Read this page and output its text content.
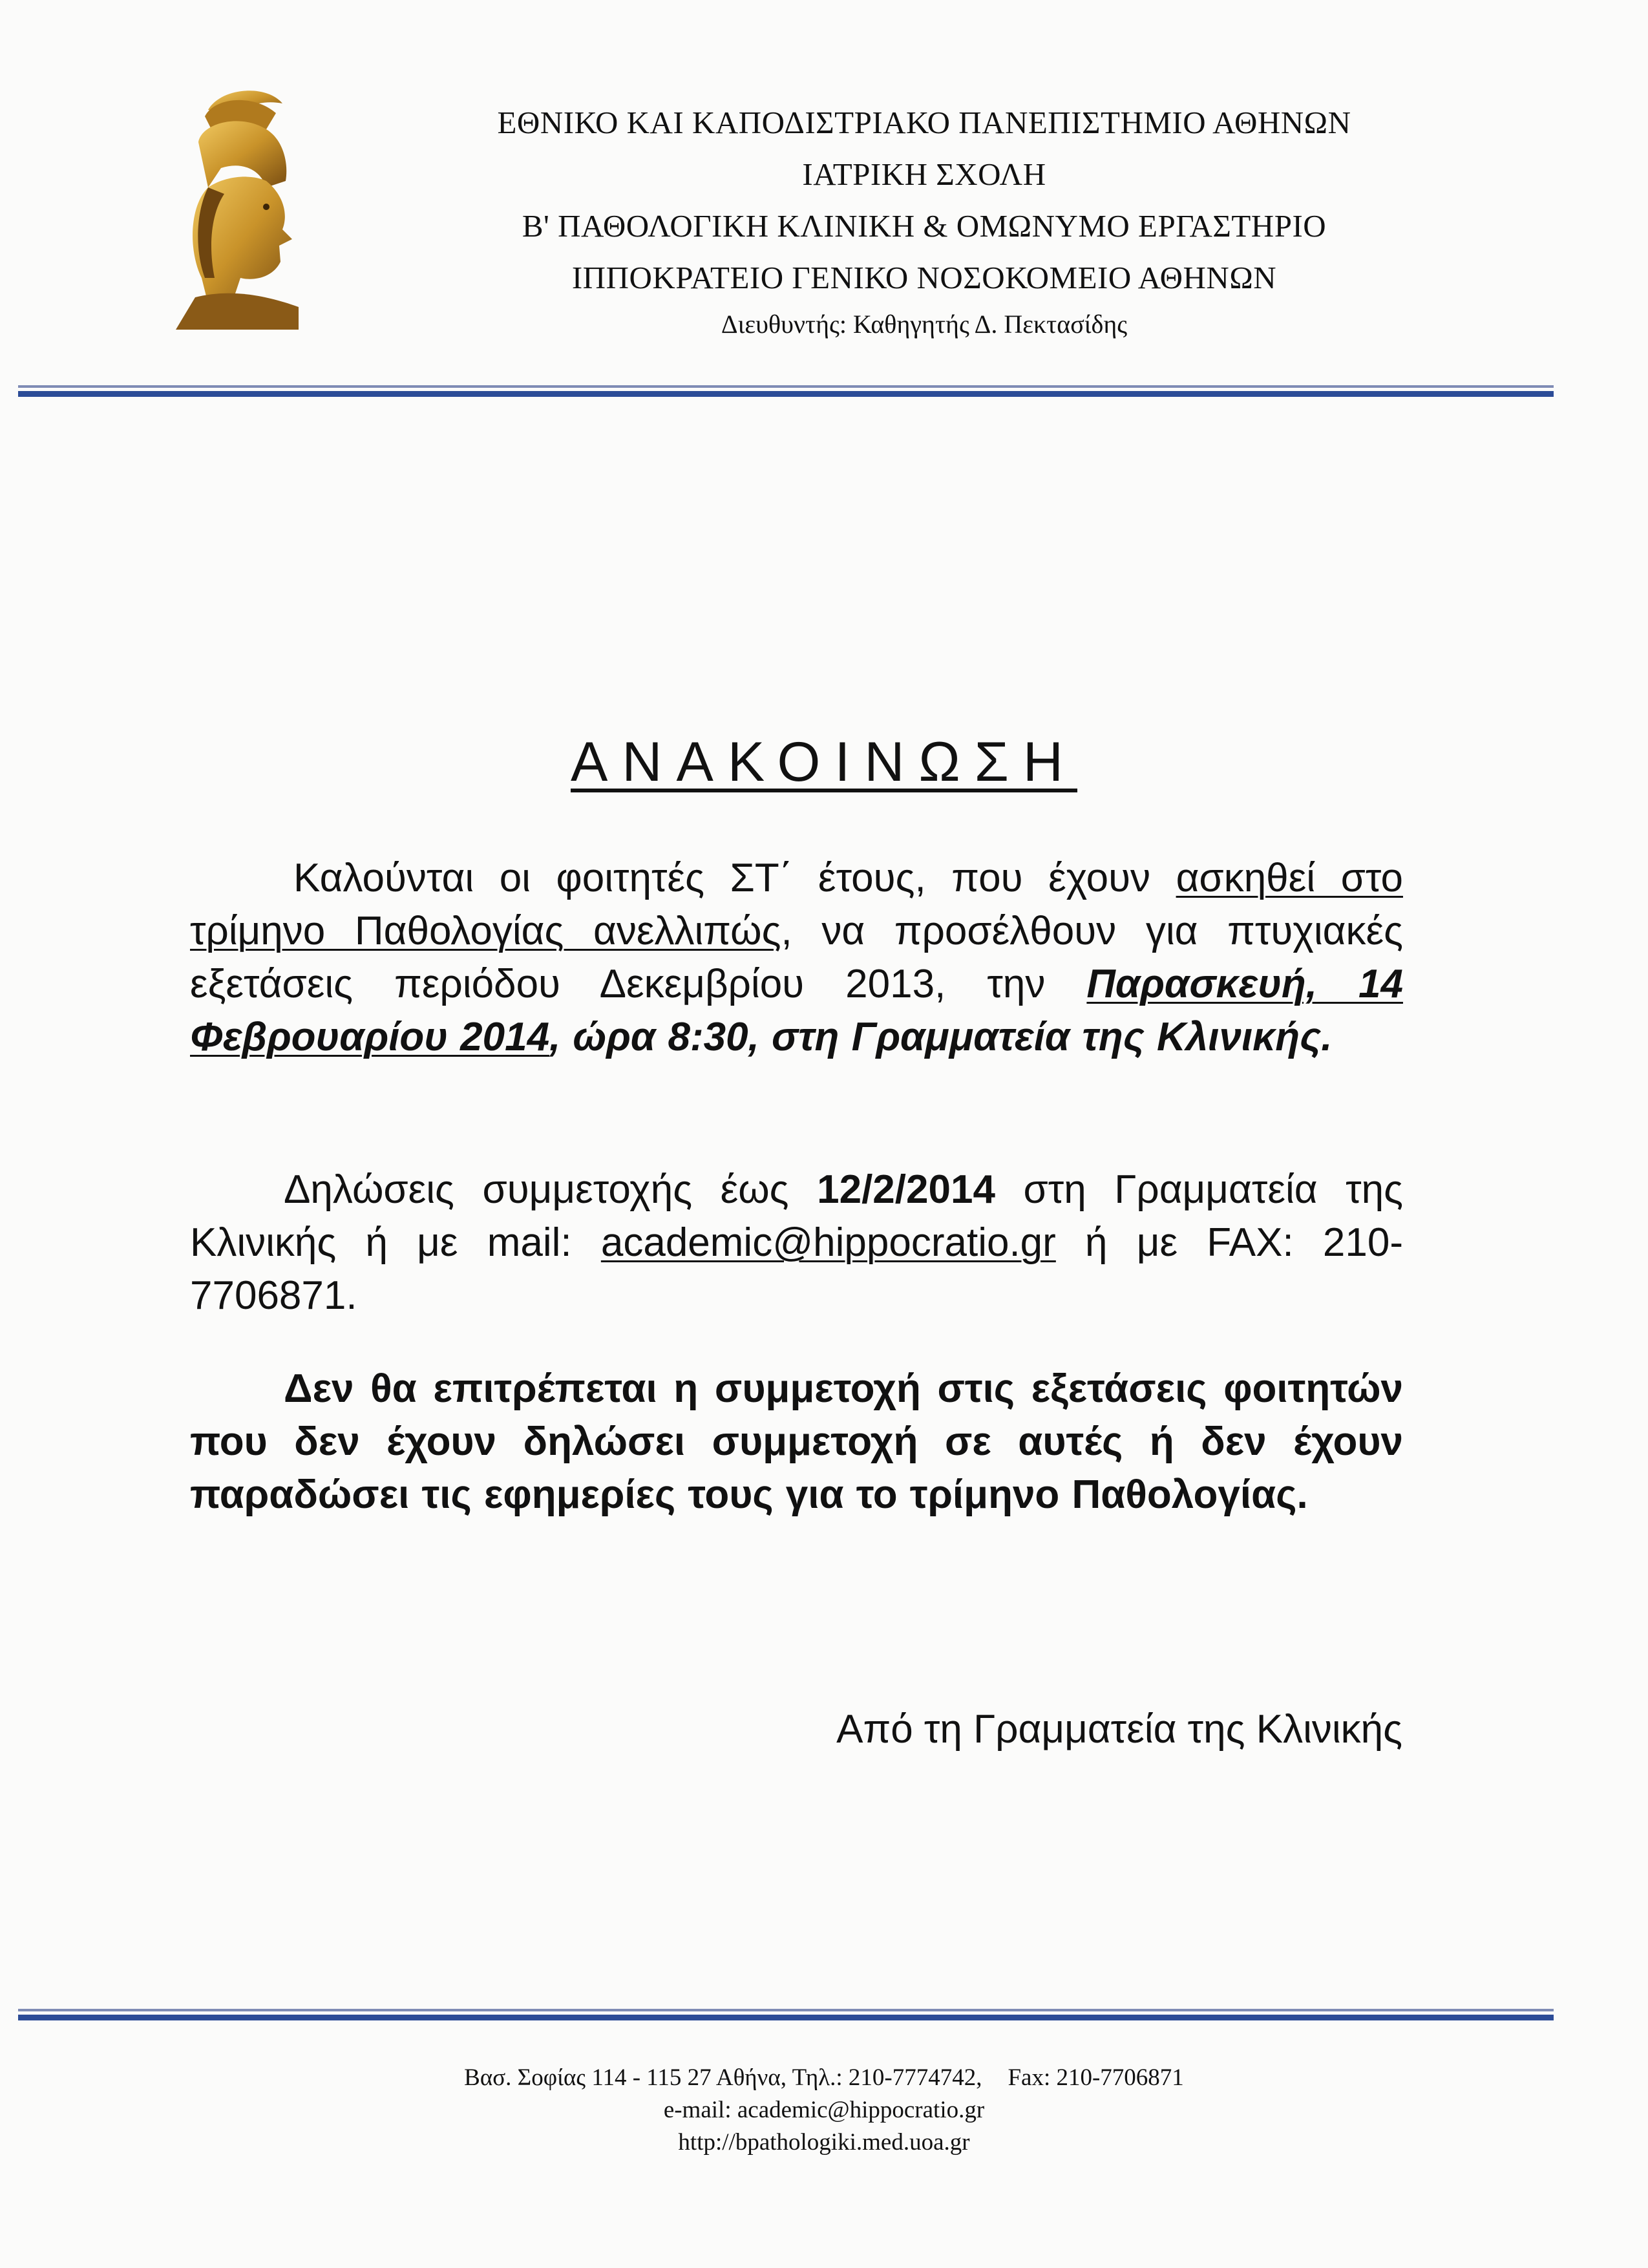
ΕΘΝΙΚΟ ΚΑΙ ΚΑΠΟΔΙΣΤΡΙΑΚΟ ΠΑΝΕΠΙΣΤΗΜΙΟ ΑΘΗΝΩΝ
ΙΑΤΡΙΚΗ ΣΧΟΛΗ
Β' ΠΑΘΟΛΟΓΙΚΗ ΚΛΙΝΙΚΗ & ΟΜΩΝΥΜΟ ΕΡΓΑΣΤΗΡΙΟ
ΙΠΠΟΚΡΑΤΕΙΟ ΓΕΝΙΚΟ ΝΟΣΟΚΟΜΕΙΟ ΑΘΗΝΩΝ
Διευθυντής: Καθηγητής Δ. Πεκτασίδης
ΑΝΑΚΟΙΝΩΣΗ
Καλούνται οι φοιτητές ΣΤ΄ έτους, που έχουν ασκηθεί στο τρίμηνο Παθολογίας ανελλιπώς, να προσέλθουν για πτυχιακές εξετάσεις περιόδου Δεκεμβρίου 2013, την Παρασκευή, 14 Φεβρουαρίου 2014, ώρα 8:30, στη Γραμματεία της Κλινικής.
Δηλώσεις συμμετοχής έως 12/2/2014 στη Γραμματεία της Κλινικής ή με mail: academic@hippocratio.gr ή με FAX: 210-7706871.
Δεν θα επιτρέπεται η συμμετοχή στις εξετάσεις φοιτητών που δεν έχουν δηλώσει συμμετοχή σε αυτές ή δεν έχουν παραδώσει τις εφημερίες τους για το τρίμηνο Παθολογίας.
Από τη Γραμματεία της Κλινικής
Βασ. Σοφίας 114 - 115 27 Αθήνα, Τηλ.: 210-7774742, Fax: 210-7706871
e-mail: academic@hippocratio.gr
http://bpathologiki.med.uoa.gr
